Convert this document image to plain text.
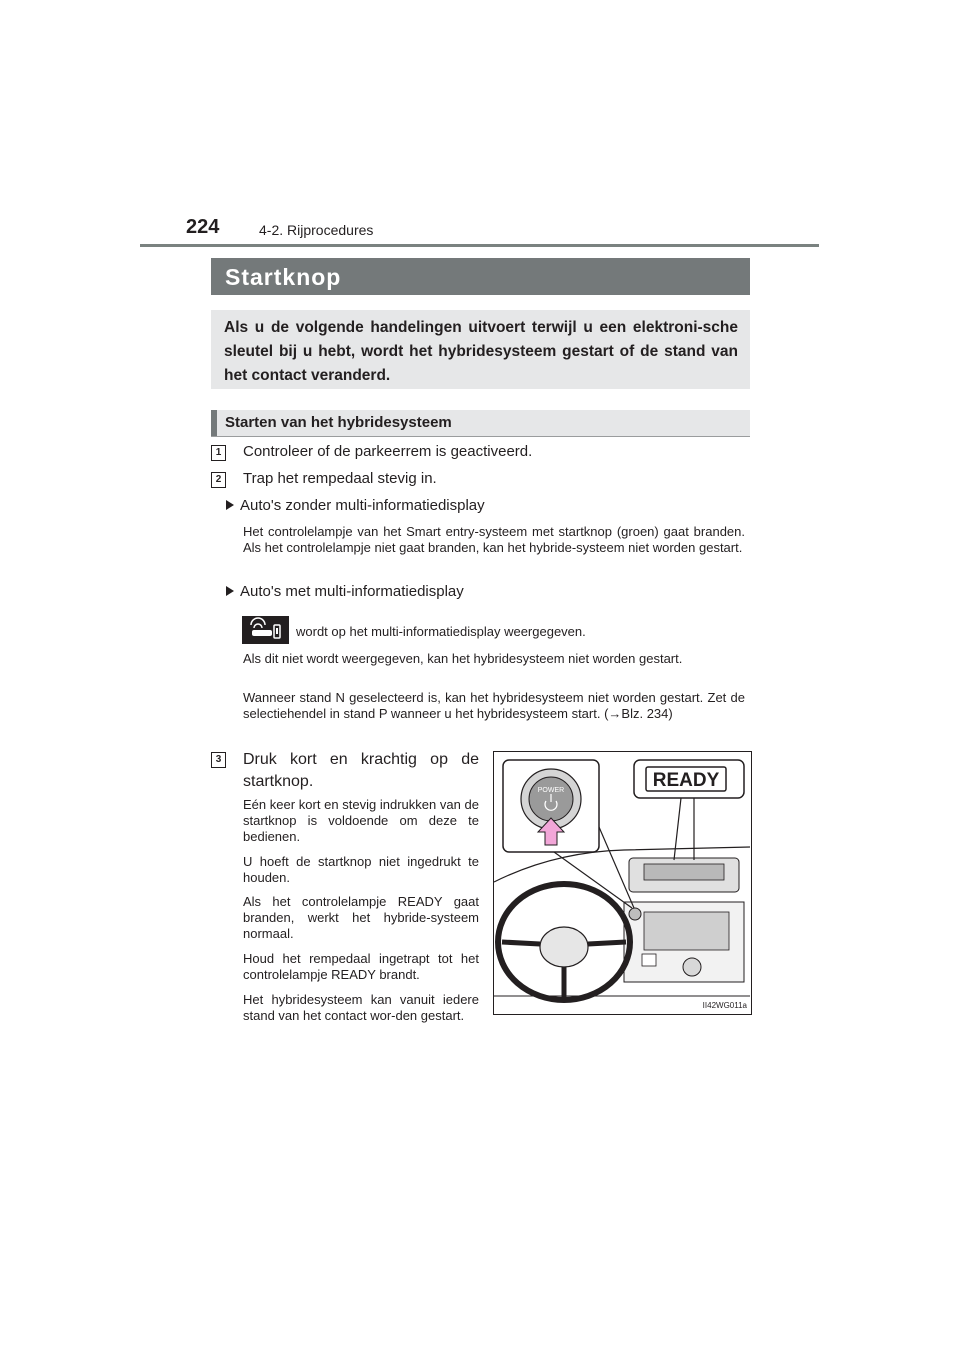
224	4-2. Rijprocedures
Startknop

Als u de volgende handelingen uitvoert terwijl u een elektroni-sche sleutel bij u hebt, wordt het hybridesysteem gestart of de stand van het contact veranderd.

Starten van het hybridesysteem
1	Controleer of de parkeerrem is geactiveerd.
2	Trap het rempedaal stevig in.
Auto's zonder multi-informatiedisplay

Het controlelampje van het Smart entry-systeem met startknop (groen) gaat branden. Als het controlelampje niet gaat branden, kan het hybride-systeem niet worden gestart.

Auto's met multi-informatiedisplay
wordt op het multi-informatiedisplay weergegeven.

Als dit niet wordt weergegeven, kan het hybridesysteem niet worden gestart.

Wanneer stand N geselecteerd is, kan het hybridesysteem niet worden gestart. Zet de selectiehendel in stand P wanneer u het hybridesysteem start. (→Blz. 234)

3 Druk kort en krachtig op de startknop.

Eén keer kort en stevig indrukken van de startknop is voldoende om deze te bedienen.

U hoeft de startknop niet ingedrukt te houden.

Als het controlelampje READY gaat branden, werkt het hybride-systeem normaal.

Houd het rempedaal ingetrapt tot het controlelampje READY brandt.

Het hybridesysteem kan vanuit iedere stand van het contact wor-den gestart.

POWER	READY
II42WG011a
